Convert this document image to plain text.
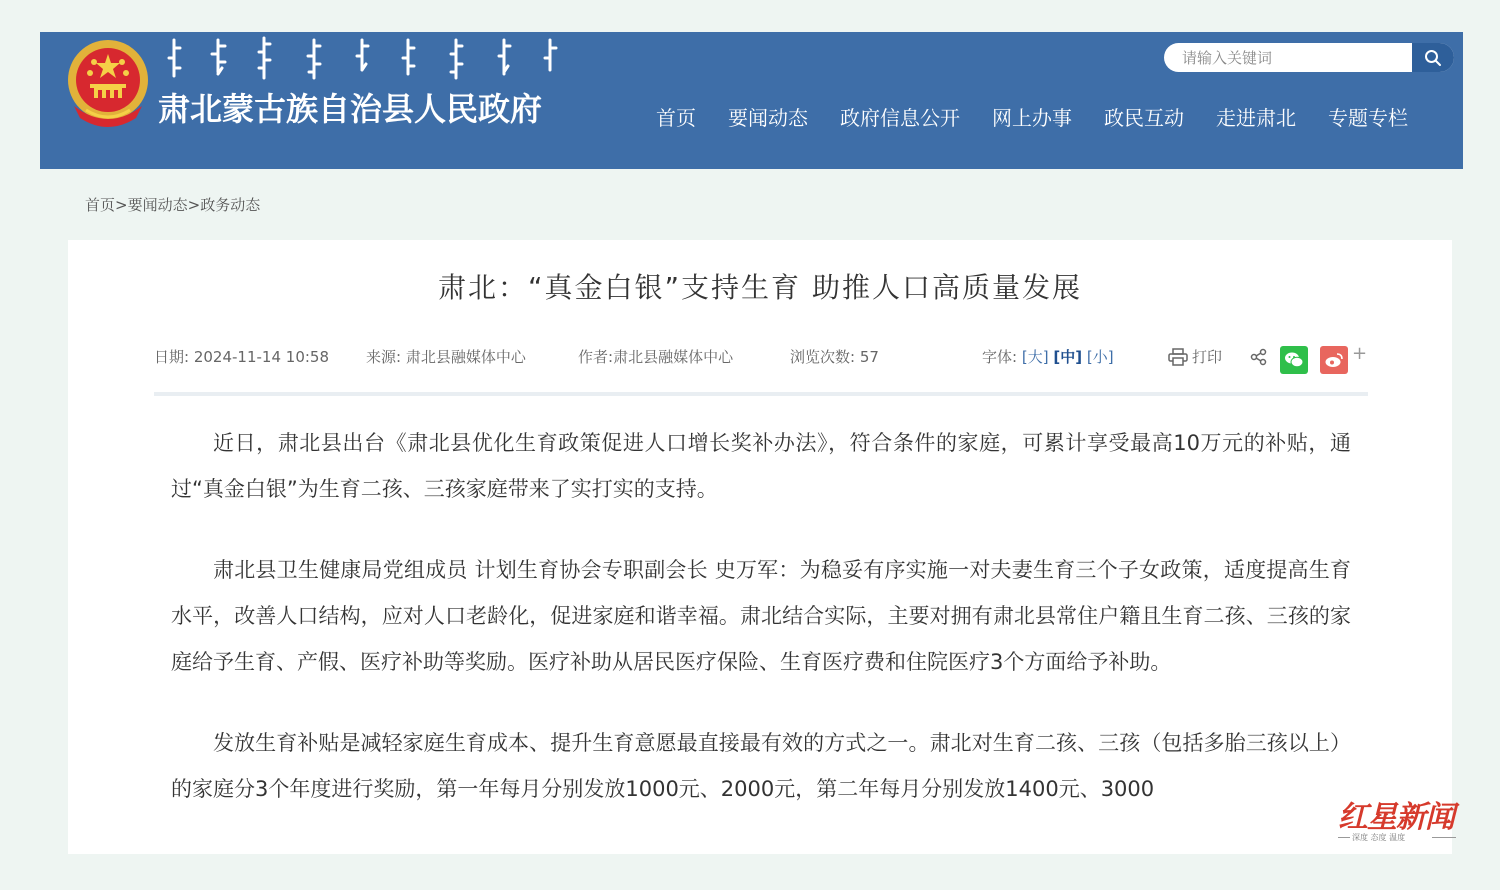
肃北蒙古族自治县人民政府
请输入关键词	首页	要闻动态	政府信息公开	网上办事	政民互动	走进肃北	专题专栏
首页>要闻动态>政务动态
肃北：“真金白银”支持生育 助推人口高质量发展
日期: 2024-11-14 10:58 来源: 肃北县融媒体中心	作者:肃北县融媒体中心	浏览次数: 57	字体: [大] [中] [小]	打印	+

近日，肃北县出台《肃北县优化生育政策促进人口增长奖补办法》，符合条件的家庭，可累计享受最高10万元的补贴，通过“真金白银”为生育二孩、三孩家庭带来了实打实的支持。

肃北县卫生健康局党组成员 计划生育协会专职副会长 史万军：为稳妥有序实施一对夫妻生育三个子女政策，适度提高生育水平，改善人口结构，应对人口老龄化，促进家庭和谐幸福。肃北结合实际，主要对拥有肃北县常住户籍且生育二孩、三孩的家庭给予生育、产假、医疗补助等奖励。医疗补助从居民医疗保险、生育医疗费和住院医疗3个方面给予补助。

发放生育补贴是减轻家庭生育成本、提升生育意愿最直接最有效的方式之一。肃北对生育二孩、三孩（包括多胎三孩以上）的家庭分3个年度进行奖励，第一年每月分别发放1000元、2000元，第二年每月分别发放1400元、3000

红星新闻
深度 态度 温度
